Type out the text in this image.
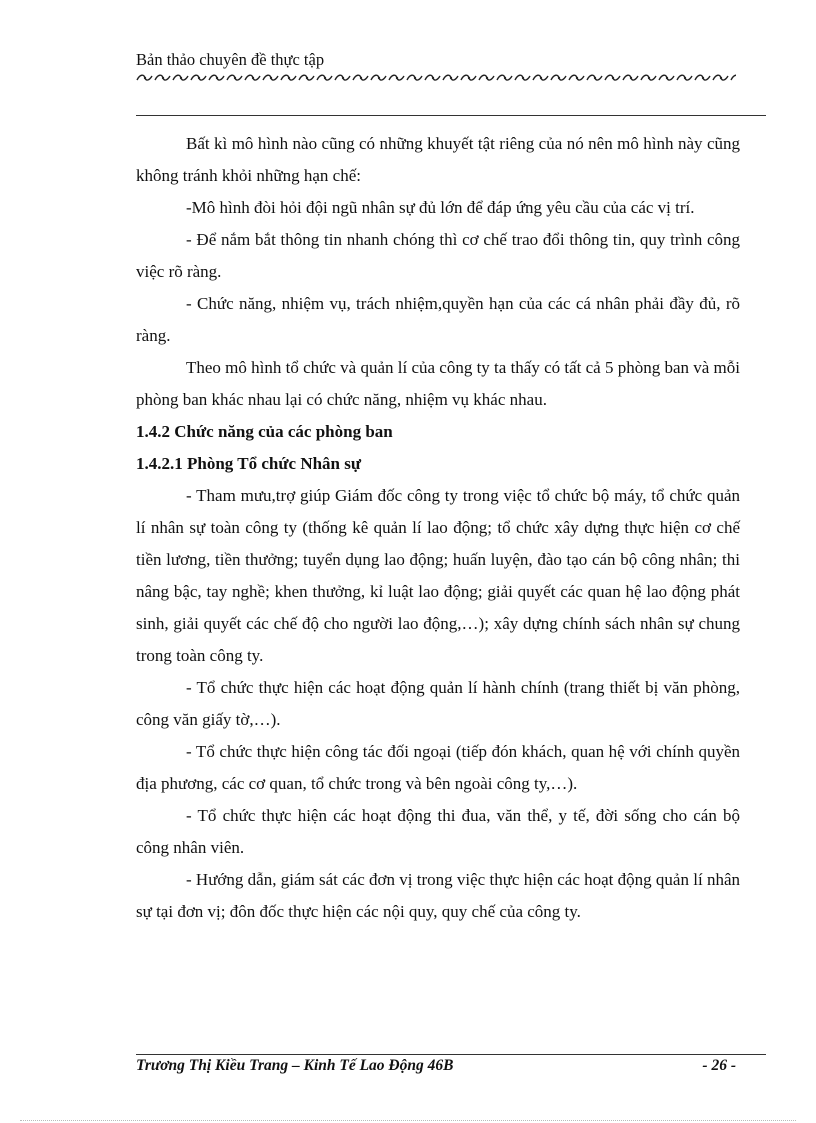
Bản thảo chuyên đề thực tập

Bất kì mô hình nào cũng có những khuyết tật riêng của nó nên mô hình này cũng không tránh khỏi những hạn chế:

-Mô hình đòi hỏi đội ngũ nhân sự đủ lớn để đáp ứng yêu cầu của các vị trí.

- Để nắm bắt thông tin nhanh chóng thì cơ chế trao đổi thông tin, quy trình công việc rõ ràng.

- Chức năng, nhiệm vụ, trách nhiệm,quyền hạn của các cá nhân phải đầy đủ, rõ ràng.

Theo mô hình tổ chức và quản lí của công ty ta thấy có tất cả 5 phòng ban và mỗi phòng ban khác nhau lại có chức năng, nhiệm vụ khác nhau.

1.4.2 Chức năng của các phòng ban

1.4.2.1 Phòng Tổ chức Nhân sự

- Tham mưu,trợ giúp Giám đốc công ty trong việc tổ chức bộ máy, tổ chức quản lí nhân sự toàn công ty (thống kê quản lí lao động; tổ chức xây dựng thực hiện cơ chế tiền lương, tiền thưởng; tuyển dụng lao động; huấn luyện, đào tạo cán bộ công nhân; thi nâng bậc, tay nghề; khen thưởng, kỉ luật lao động; giải quyết các quan hệ lao động phát sinh, giải quyết các chế độ cho người lao động,…); xây dựng chính sách nhân sự chung trong toàn công ty.

- Tổ chức thực hiện các hoạt động quản lí hành chính (trang thiết bị văn phòng, công văn giấy tờ,…).

- Tổ chức thực hiện công tác đối ngoại (tiếp đón khách, quan hệ với chính quyền địa phương, các cơ quan, tổ chức trong và bên ngoài công ty,…).

- Tổ chức thực hiện các hoạt động thi đua, văn thể, y tế, đời sống cho cán bộ công nhân viên.

- Hướng dẫn, giám sát các đơn vị trong việc thực hiện các hoạt động quản lí nhân sự tại đơn vị; đôn đốc thực hiện các nội quy, quy chế của công ty.

Trương Thị Kiều Trang – Kinh Tế Lao Động 46B	- 26 -
